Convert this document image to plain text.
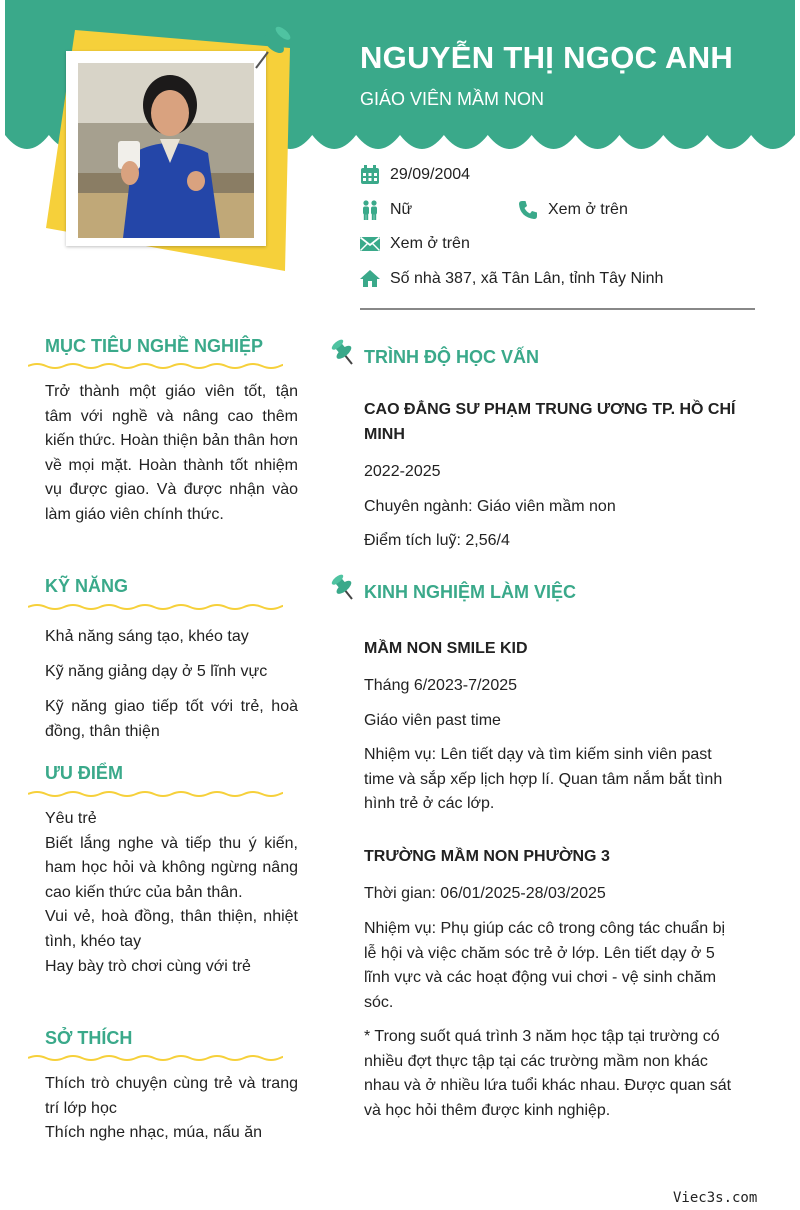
NGUYỄN THỊ NGỌC ANH
GIÁO VIÊN MẦM NON
29/09/2004
Nữ	Xem ở trên
Xem ở trên
Số nhà 387, xã Tân Lân, tỉnh Tây Ninh
MỤC TIÊU NGHỀ NGHIỆP
Trở thành một giáo viên tốt, tận tâm với nghề và nâng cao thêm kiến thức. Hoàn thiện bản thân hơn về mọi mặt. Hoàn thành tốt nhiệm vụ được giao. Và được nhận vào làm giáo viên chính thức.
KỸ NĂNG
Khả năng sáng tạo, khéo tay
Kỹ năng giảng dạy ở 5 lĩnh vực
Kỹ năng giao tiếp tốt với trẻ, hoà đồng, thân thiện
ƯU ĐIỂM

Yêu trẻ

Biết lắng nghe và tiếp thu ý kiến, ham học hỏi và không ngừng nâng cao kiến thức của bản thân.

Vui vẻ, hoà đồng, thân thiện, nhiệt tình, khéo tay

Hay bày trò chơi cùng với trẻ

SỞ THÍCH

Thích trò chuyện cùng trẻ và trang trí lớp học

Thích nghe nhạc, múa, nấu ăn

TRÌNH ĐỘ HỌC VẤN
CAO ĐẲNG SƯ PHẠM TRUNG ƯƠNG TP. HỒ CHÍ MINH
2022-2025
Chuyên ngành: Giáo viên mầm non
Điểm tích luỹ: 2,56/4
KINH NGHIỆM LÀM VIỆC
MẦM NON SMILE KID
Tháng 6/2023-7/2025
Giáo viên past time
Nhiệm vụ: Lên tiết dạy và tìm kiếm sinh viên past time và sắp xếp lịch hợp lí. Quan tâm nắm bắt tình hình trẻ ở các lớp.
TRƯỜNG MẦM NON PHƯỜNG 3
Thời gian: 06/01/2025-28/03/2025
Nhiệm vụ: Phụ giúp các cô trong công tác chuẩn bị lễ hội và việc chăm sóc trẻ ở lớp. Lên tiết dạy ở 5 lĩnh vực và các hoạt động vui chơi - vệ sinh chăm sóc.
* Trong suốt quá trình 3 năm học tập tại trường có nhiều đợt thực tập tại các trường mầm non khác nhau và ở nhiều lứa tuổi khác nhau. Được quan sát và học hỏi thêm được kinh nghiệp.
Viec3s.com
